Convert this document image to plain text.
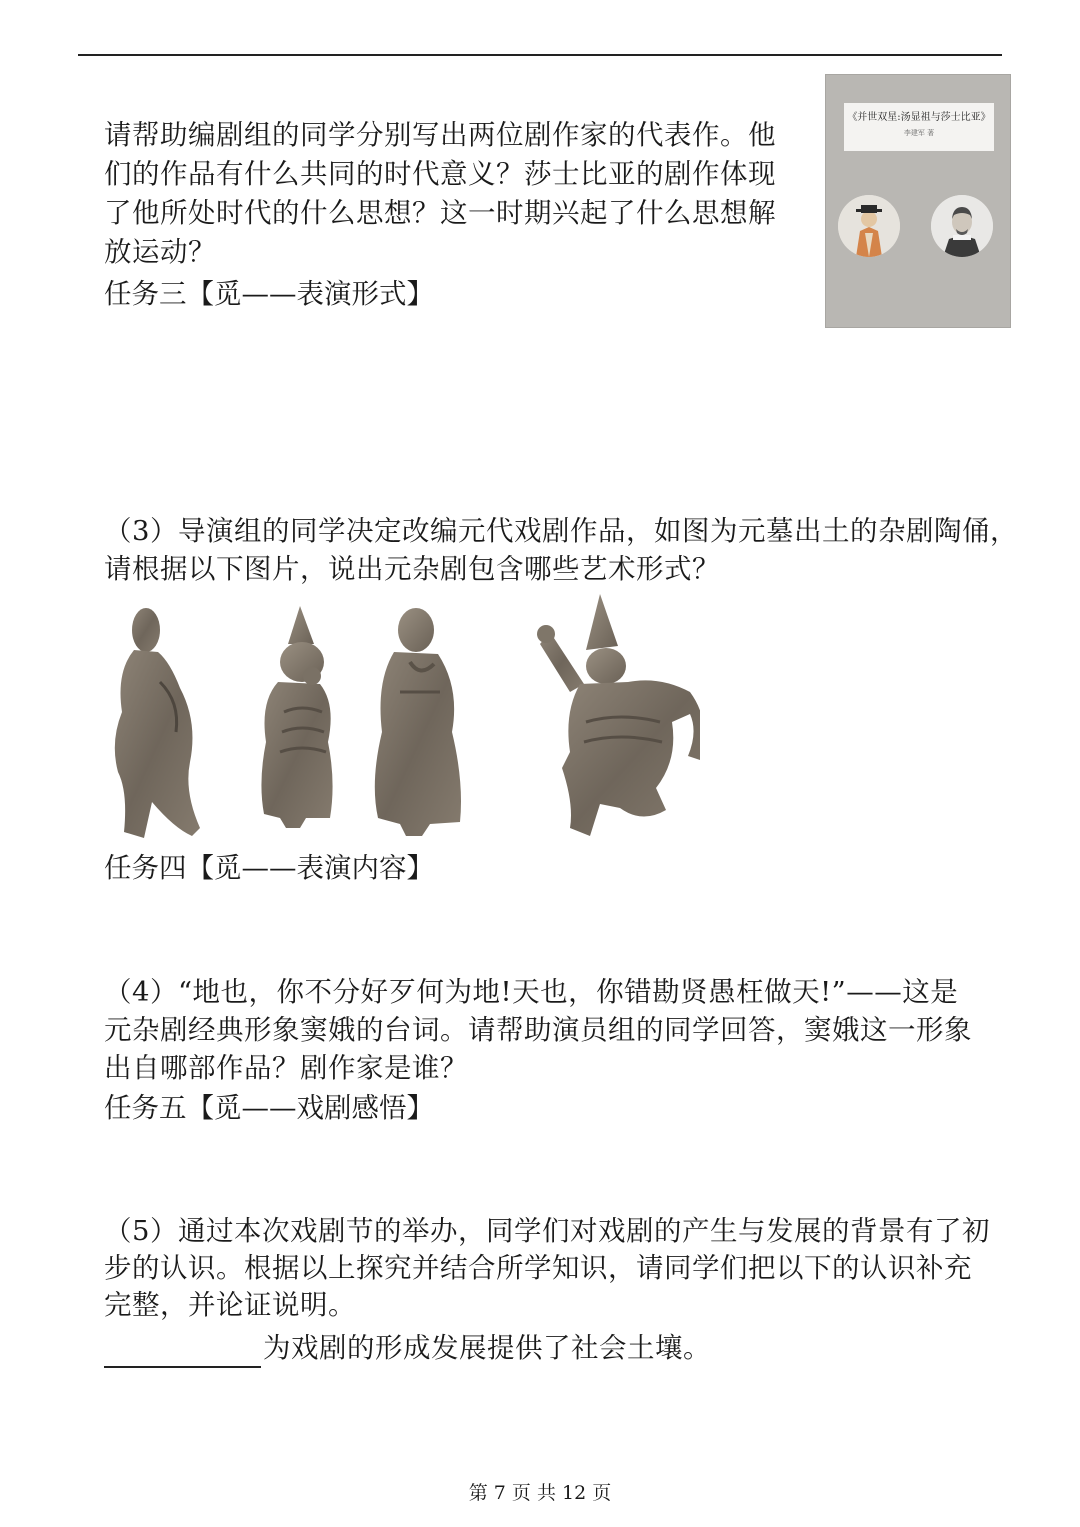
请帮助编剧组的同学分别写出两位剧作家的代表作。他
们的作品有什么共同的时代意义？莎士比亚的剧作体现
了他所处时代的什么思想？这一时期兴起了什么思想解
放运动？
任务三【觅——表演形式】
《并世双星:汤显祖与莎士比亚》
李建军 著
（3）导演组的同学决定改编元代戏剧作品，如图为元墓出土的杂剧陶俑，
请根据以下图片，说出元杂剧包含哪些艺术形式？
任务四【觅——表演内容】
（4）“地也，你不分好歹何为地!天也，你错勘贤愚枉做天!”——这是
元杂剧经典形象窦娥的台词。请帮助演员组的同学回答，窦娥这一形象
出自哪部作品？剧作家是谁？
任务五【觅——戏剧感悟】
（5）通过本次戏剧节的举办，同学们对戏剧的产生与发展的背景有了初
步的认识。根据以上探究并结合所学知识，请同学们把以下的认识补充
完整，并论证说明。
为戏剧的形成发展提供了社会土壤。
第 7 页 共 12 页
